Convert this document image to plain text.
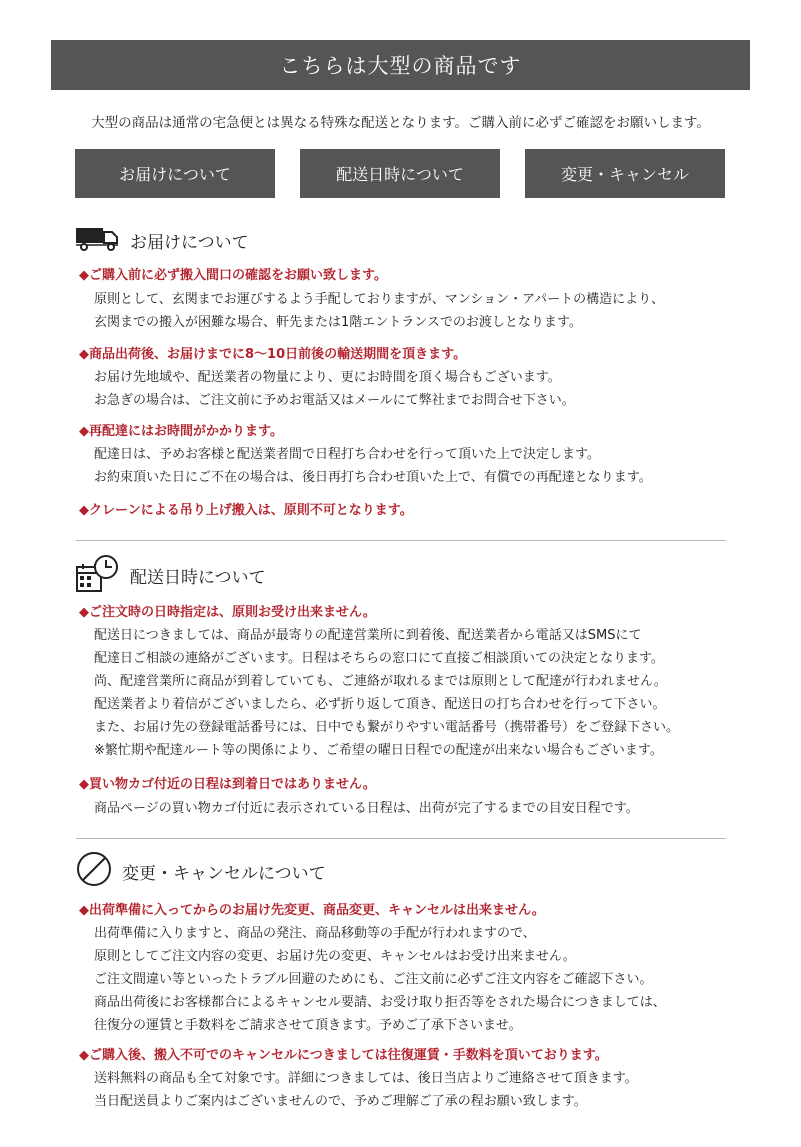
こちらは大型の商品です
大型の商品は通常の宅急便とは異なる特殊な配送となります。ご購入前に必ずご確認をお願いします。
お届けについて	配送日時について	変更・キャンセル
お届けについて
◆ご購入前に必ず搬入間口の確認をお願い致します。
原則として、玄関までお運びするよう手配しておりますが、マンション・アパートの構造により、
玄関までの搬入が困難な場合、軒先または1階エントランスでのお渡しとなります。
◆商品出荷後、お届けまでに8〜10日前後の輸送期間を頂きます。
お届け先地域や、配送業者の物量により、更にお時間を頂く場合もございます。
お急ぎの場合は、ご注文前に予めお電話又はメールにて弊社までお問合せ下さい。
◆再配達にはお時間がかかります。
配達日は、予めお客様と配送業者間で日程打ち合わせを行って頂いた上で決定します。
お約束頂いた日にご不在の場合は、後日再打ち合わせ頂いた上で、有償での再配達となります。
◆クレーンによる吊り上げ搬入は、原則不可となります。
配送日時について
◆ご注文時の日時指定は、原則お受け出来ません。
配送日につきましては、商品が最寄りの配達営業所に到着後、配送業者から電話又はSMSにて
配達日ご相談の連絡がございます。日程はそちらの窓口にて直接ご相談頂いての決定となります。
尚、配達営業所に商品が到着していても、ご連絡が取れるまでは原則として配達が行われません。
配送業者より着信がございましたら、必ず折り返して頂き、配送日の打ち合わせを行って下さい。
また、お届け先の登録電話番号には、日中でも繋がりやすい電話番号（携帯番号）をご登録下さい。
※繁忙期や配達ルート等の関係により、ご希望の曜日日程での配達が出来ない場合もございます。
◆買い物カゴ付近の日程は到着日ではありません。
商品ページの買い物カゴ付近に表示されている日程は、出荷が完了するまでの目安日程です。
変更・キャンセルについて
◆出荷準備に入ってからのお届け先変更、商品変更、キャンセルは出来ません。
出荷準備に入りますと、商品の発注、商品移動等の手配が行われますので、
原則としてご注文内容の変更、お届け先の変更、キャンセルはお受け出来ません。
ご注文間違い等といったトラブル回避のためにも、ご注文前に必ずご注文内容をご確認下さい。
商品出荷後にお客様都合によるキャンセル要請、お受け取り拒否等をされた場合につきましては、
往復分の運賃と手数料をご請求させて頂きます。予めご了承下さいませ。
◆ご購入後、搬入不可でのキャンセルにつきましては往復運賃・手数料を頂いております。
送料無料の商品も全て対象です。詳細につきましては、後日当店よりご連絡させて頂きます。
当日配送員よりご案内はございませんので、予めご理解ご了承の程お願い致します。
